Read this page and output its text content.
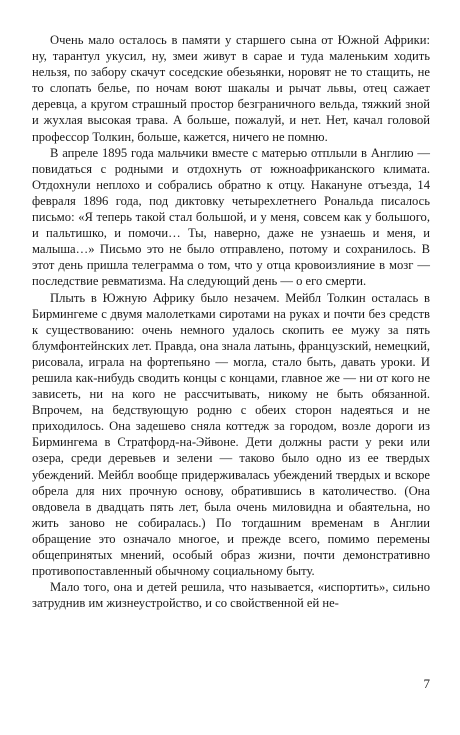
Очень мало осталось в памяти у старшего сына от Южной Африки: ну, тарантул укусил, ну, змеи живут в сарае и туда маленьким ходить нельзя, по забору скачут соседские обезьянки, норовят не то стащить, не то слопать белье, по ночам воют шакалы и рычат львы, отец сажает деревца, а кругом страшный простор безграничного вельда, тяжкий зной и жухлая высокая трава. А больше, пожалуй, и нет. Нет, качал головой профессор Толкин, больше, кажется, ничего не помню.

В апреле 1895 года мальчики вместе с матерью отплыли в Англию — повидаться с родными и отдохнуть от южноафриканского климата. Отдохнули неплохо и собрались обратно к отцу. Накануне отъезда, 14 февраля 1896 года, под диктовку четырехлетнего Рональда писалось письмо: «Я теперь такой стал большой, и у меня, совсем как у большого, и пальтишко, и помочи… Ты, наверно, даже не узнаешь и меня, и малыша…» Письмо это не было отправлено, потому и сохранилось. В этот день пришла телеграмма о том, что у отца кровоизлияние в мозг — последствие ревматизма. На следующий день — о его смерти.

Плыть в Южную Африку было незачем. Мейбл Толкин осталась в Бирмингеме с двумя малолетками сиротами на руках и почти без средств к существованию: очень немного удалось скопить ее мужу за пять блумфонтейнских лет. Правда, она знала латынь, французский, немецкий, рисовала, играла на фортепьяно — могла, стало быть, давать уроки. И решила как-нибудь сводить концы с концами, главное же — ни от кого не зависеть, ни на кого не рассчитывать, никому не быть обязанной. Впрочем, на бедствующую родню с обеих сторон надеяться и не приходилось. Она задешево сняла коттедж за городом, возле дороги из Бирмингема в Стратфорд-на-Эйвоне. Дети должны расти у реки или озера, среди деревьев и зелени — таково было одно из ее твердых убеждений. Мейбл вообще придерживалась убеждений твердых и вскоре обрела для них прочную основу, обратившись в католичество. (Она овдовела в двадцать пять лет, была очень миловидна и обаятельна, но жить заново не собиралась.) По тогдашним временам в Англии обращение это означало многое, и прежде всего, помимо перемены общепринятых мнений, особый образ жизни, почти демонстративно противопоставленный обычному социальному быту.

Мало того, она и детей решила, что называется, «испортить», сильно затруднив им жизнеустройство, и со свойственной ей не-

7
